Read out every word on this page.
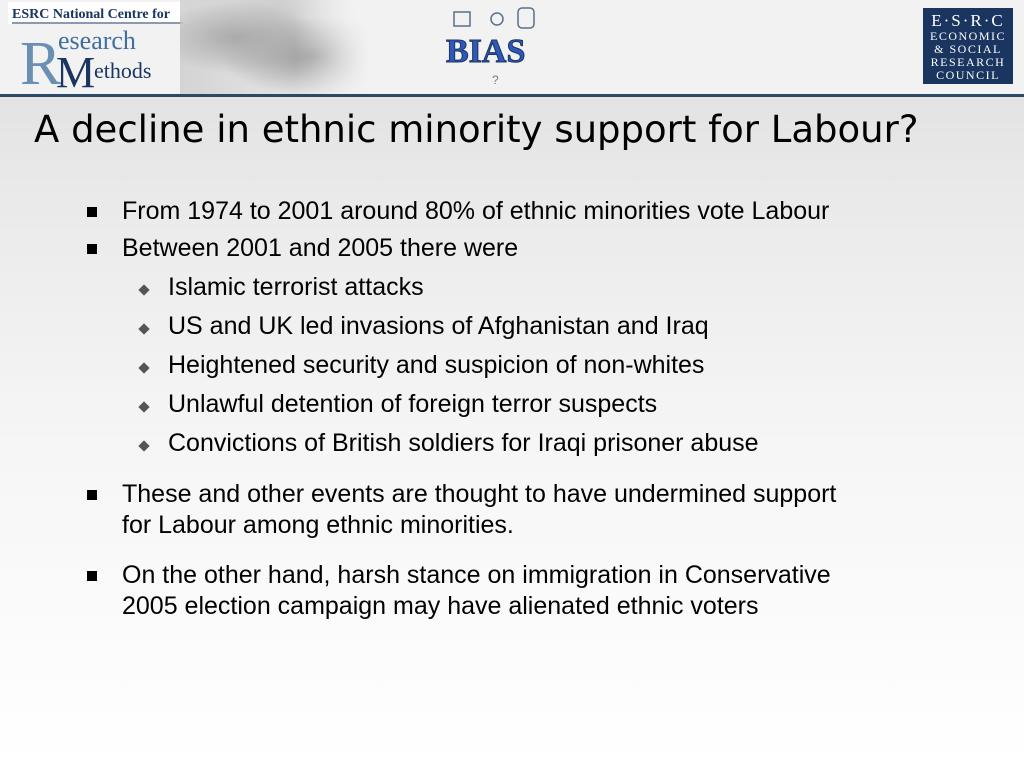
ESRC National Centre for
R
esearch
M
ethods
BIAS
?
E·S·R·C
ECONOMIC
& SOCIAL
RESEARCH
COUNCIL
A decline in ethnic minority support for Labour?
From 1974 to 2001 around 80% of ethnic minorities vote Labour
Between 2001 and 2005 there were
Islamic terrorist attacks
US and UK led invasions of Afghanistan and Iraq
Heightened security and suspicion of non-whites
Unlawful detention of foreign terror suspects
Convictions of British soldiers for Iraqi prisoner abuse
These and other events are thought to have undermined support
for Labour among ethnic minorities.
On the other hand, harsh stance on immigration in Conservative
2005 election campaign may have alienated ethnic voters
